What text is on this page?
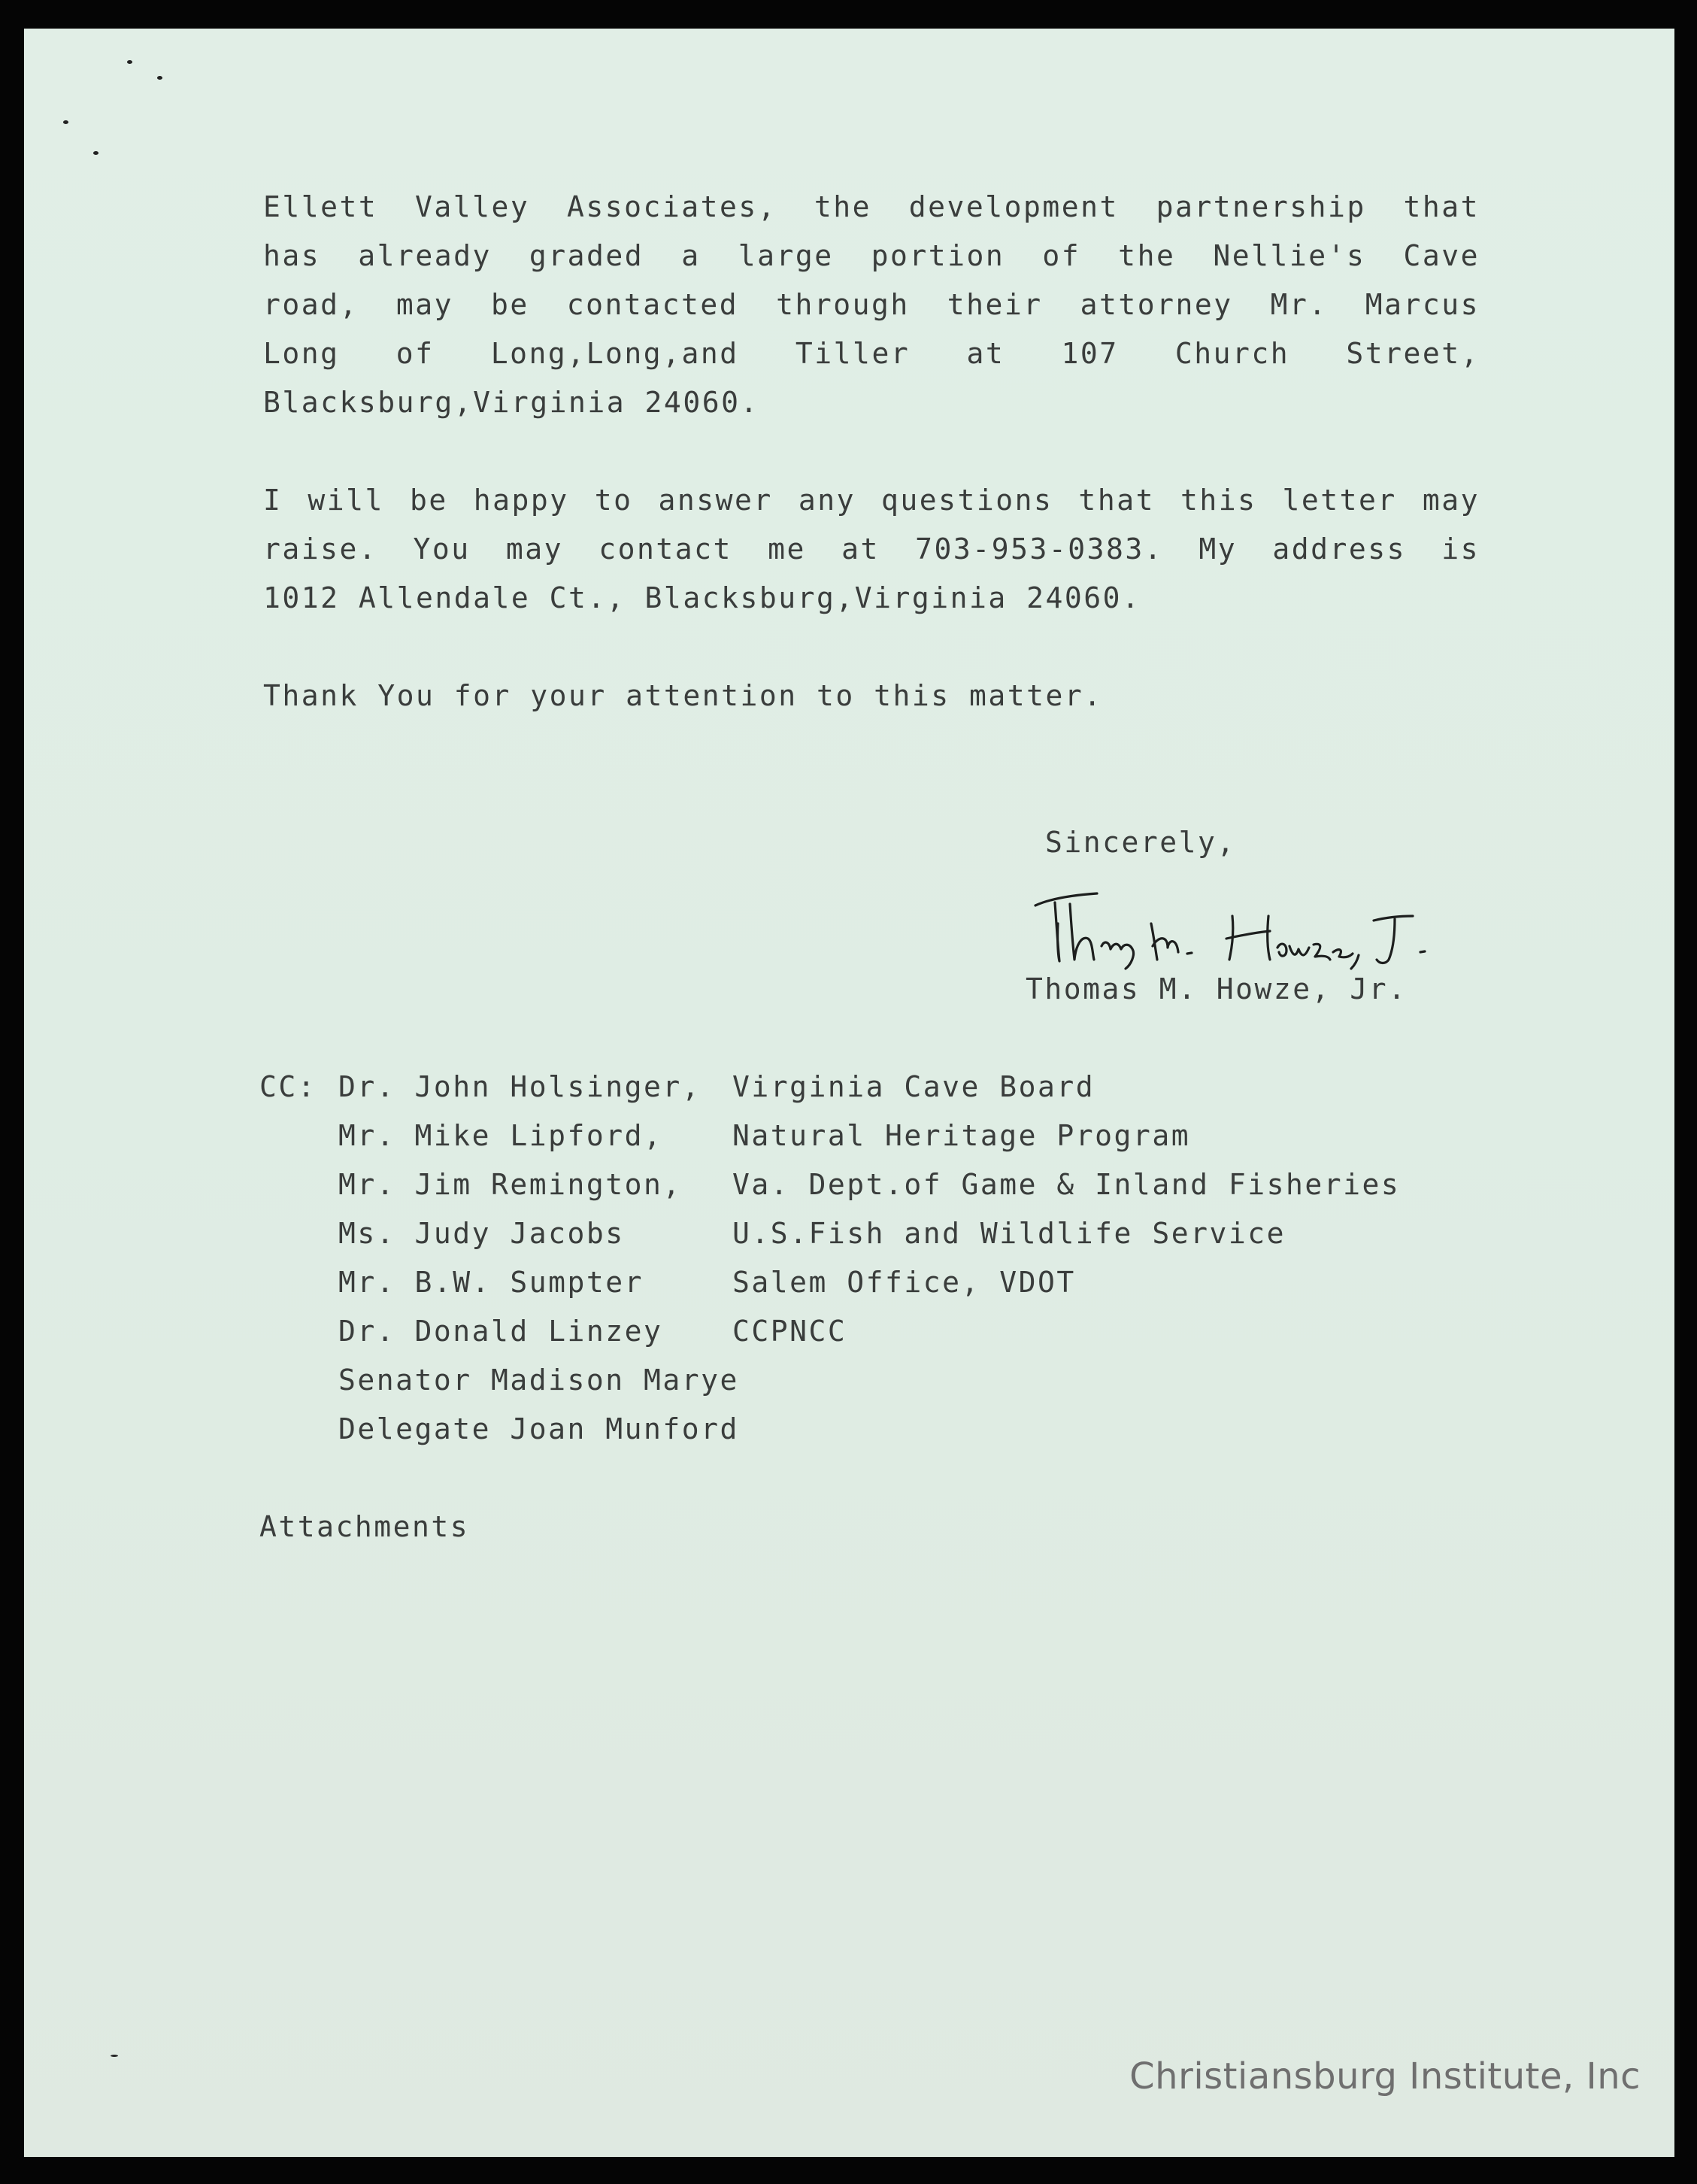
Ellett Valley Associates, the development partnership that

has already graded a large portion of the Nellie's Cave

road, may be contacted through their attorney Mr. Marcus

Long of Long,Long,and Tiller at 107 Church Street,

Blacksburg,Virginia 24060.

I will be happy to answer any questions that this letter may

raise. You may contact me at 703-953-0383. My address is

1012 Allendale Ct., Blacksburg,Virginia 24060.

Thank You for your attention to this matter.

Sincerely,

Thomas M. Howze, Jr.

CC: Dr. John Holsinger, Virginia Cave Board
Mr. Mike Lipford, Natural Heritage Program
Mr. Jim Remington, Va. Dept.of Game & Inland Fisheries
Ms. Judy Jacobs	U.S.Fish and Wildlife Service
Mr. B.W. Sumpter	Salem Office, VDOT
Dr. Donald Linzey CCPNCC
Senator Madison Marye
Delegate Joan Munford

Attachments

Christiansburg Institute, Inc
